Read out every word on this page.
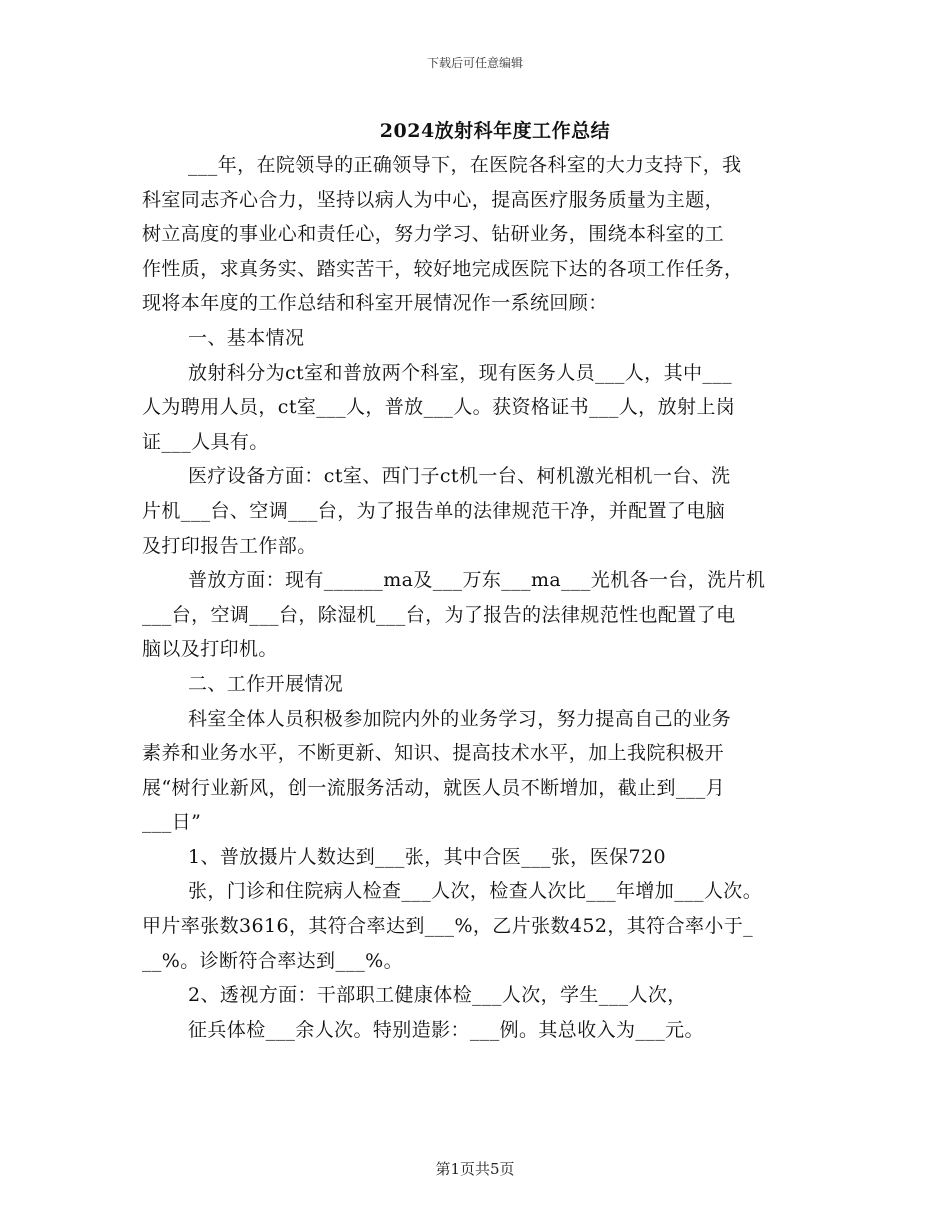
下载后可任意编辑
2024放射科年度工作总结
___年，在院领导的正确领导下，在医院各科室的大力支持下，我
科室同志齐心合力，坚持以病人为中心，提高医疗服务质量为主题，
树立高度的事业心和责任心，努力学习、钻研业务，围绕本科室的工
作性质，求真务实、踏实苦干，较好地完成医院下达的各项工作任务，
现将本年度的工作总结和科室开展情况作一系统回顾：
一、基本情况
放射科分为ct室和普放两个科室，现有医务人员___人，其中___
人为聘用人员，ct室___人，普放___人。获资格证书___人，放射上岗
证___人具有。
医疗设备方面：ct室、西门子ct机一台、柯机激光相机一台、洗
片机___台、空调___台，为了报告单的法律规范干净，并配置了电脑
及打印报告工作部。
普放方面：现有______ma及___万东___ma___光机各一台，洗片机
___台，空调___台，除湿机___台，为了报告的法律规范性也配置了电
脑以及打印机。
二、工作开展情况
科室全体人员积极参加院内外的业务学习，努力提高自己的业务
素养和业务水平，不断更新、知识、提高技术水平，加上我院积极开
展“树行业新风，创一流服务活动，就医人员不断增加，截止到___月
___日”
1、普放摄片人数达到___张，其中合医___张，医保720
张，门诊和住院病人检查___人次，检查人次比___年增加___人次。
甲片率张数3616，其符合率达到___%，乙片张数452，其符合率小于_
__%。诊断符合率达到___%。
2、透视方面：干部职工健康体检___人次，学生___人次，
征兵体检___余人次。特别造影：___例。其总收入为___元。
第1页共5页
